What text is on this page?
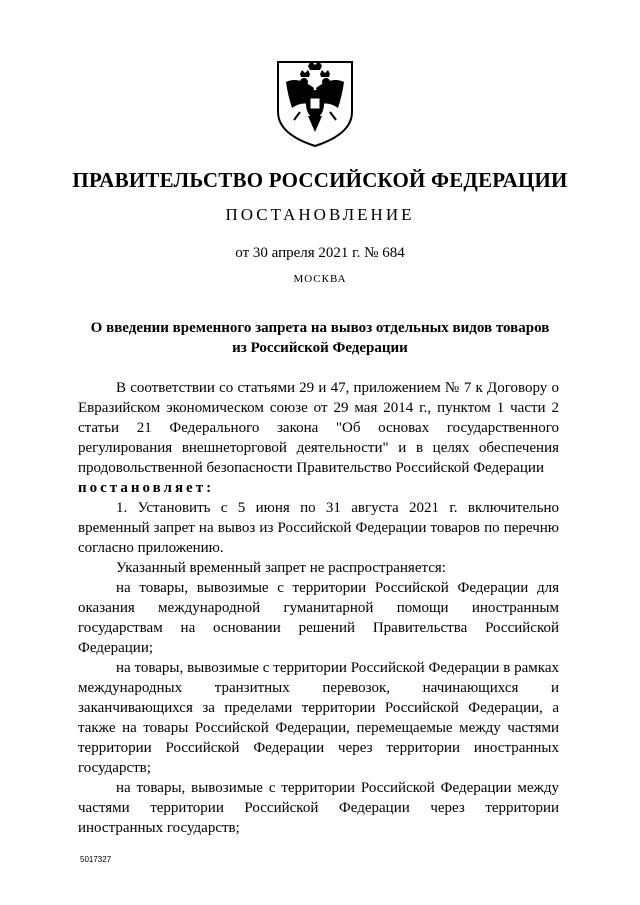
ПРАВИТЕЛЬСТВО РОССИЙСКОЙ ФЕДЕРАЦИИ
ПОСТАНОВЛЕНИЕ
от 30 апреля 2021 г. № 684
МОСКВА
О введении временного запрета на вывоз отдельных видов товаров
из Российской Федерации

В соответствии со статьями 29 и 47, приложением № 7 к Договору о Евразийском экономическом союзе от 29 мая 2014 г., пунктом 1 части 2 статьи 21 Федерального закона "Об основах государственного регулирования внешнеторговой деятельности" и в целях обеспечения продовольственной безопасности Правительство Российской Федерации

постановляет:

1. Установить с 5 июня по 31 августа 2021 г. включительно временный запрет на вывоз из Российской Федерации товаров по перечню согласно приложению.

Указанный временный запрет не распространяется:

на товары, вывозимые с территории Российской Федерации для оказания международной гуманитарной помощи иностранным государствам на основании решений Правительства Российской Федерации;

на товары, вывозимые с территории Российской Федерации в рамках международных транзитных перевозок, начинающихся и заканчивающихся за пределами территории Российской Федерации, а также на товары Российской Федерации, перемещаемые между частями территории Российской Федерации через территории иностранных государств;

на товары, вывозимые с территории Российской Федерации между частями территории Российской Федерации через территории иностранных государств;

5017327
